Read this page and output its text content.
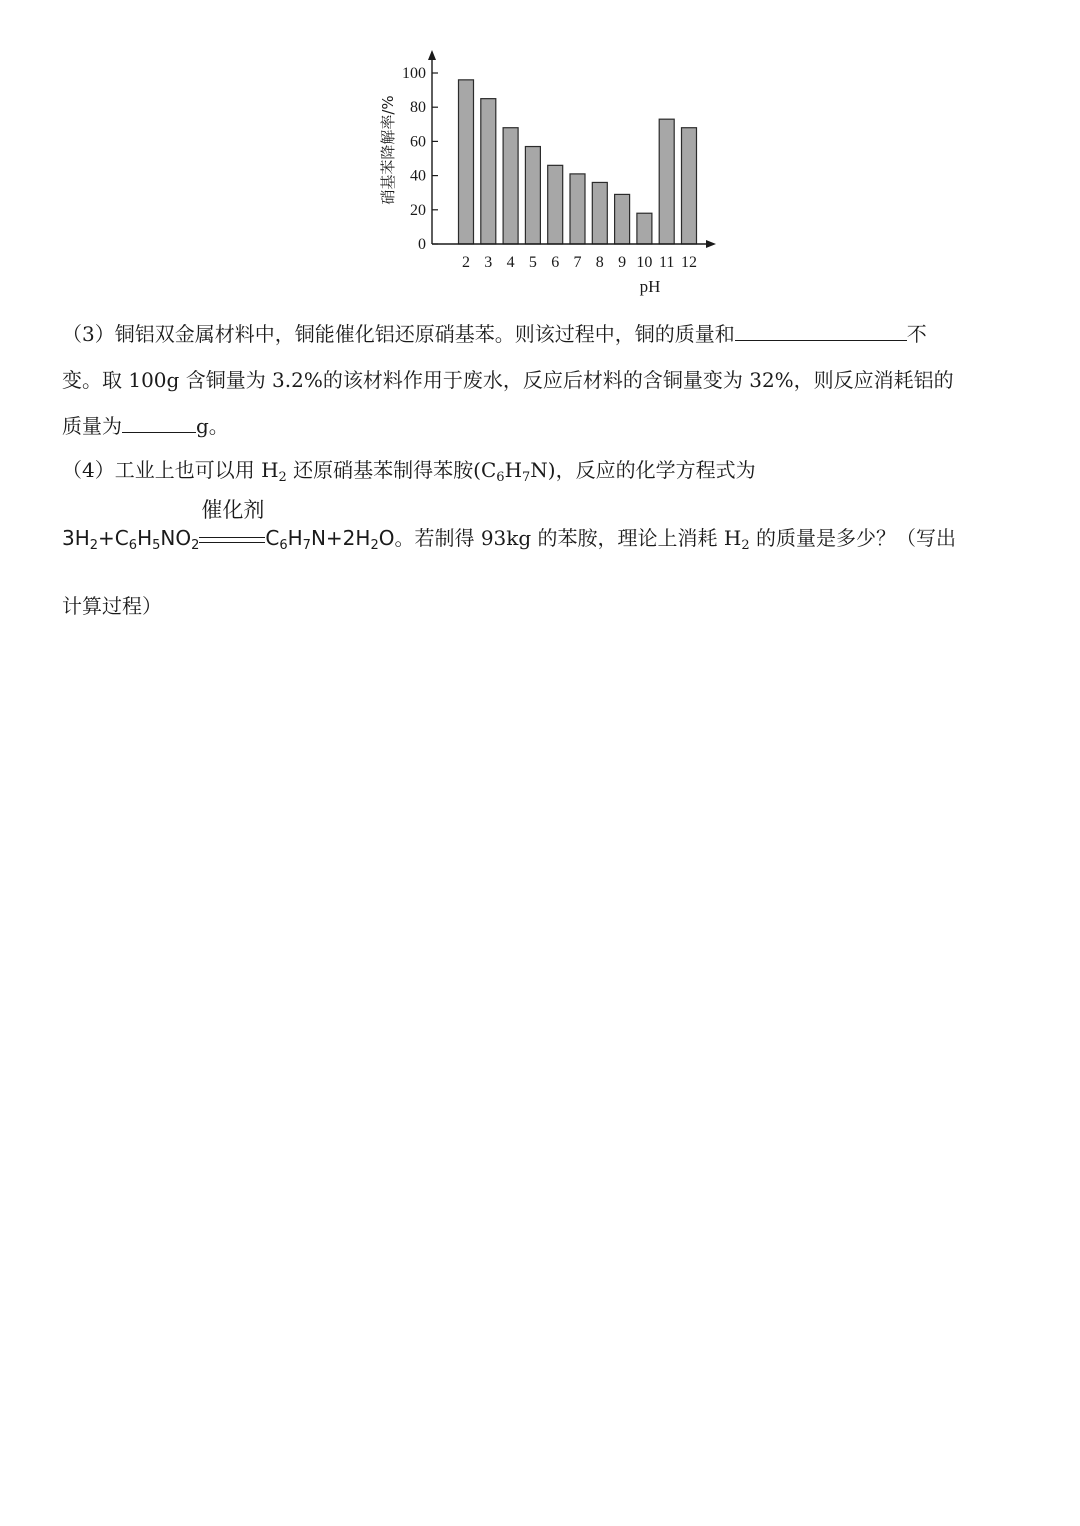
0
20
40
60
80
100
2 3 4 5 6 7 8 9 10 11 12
硝基苯降解率/%
pH
（3）铜铝双金属材料中，铜能催化铝还原硝基苯。则该过程中，铜的质量和	不
变。取 100g 含铜量为 3.2%的该材料作用于废水，反应后材料的含铜量变为 32%，则反应消耗铝的
质量为	g。
（4）工业上也可以用 $H_2$ 还原硝基苯制得苯胺$(C_6H_7N)$，反应的化学方程式为
$3H_2+C_6H_5NO_2$
催化剂
$C_6H_7N+2H_2O$。若制得 93kg 的苯胺，理论上消耗 $H_2$ 的质量是多少？（写出
计算过程）
